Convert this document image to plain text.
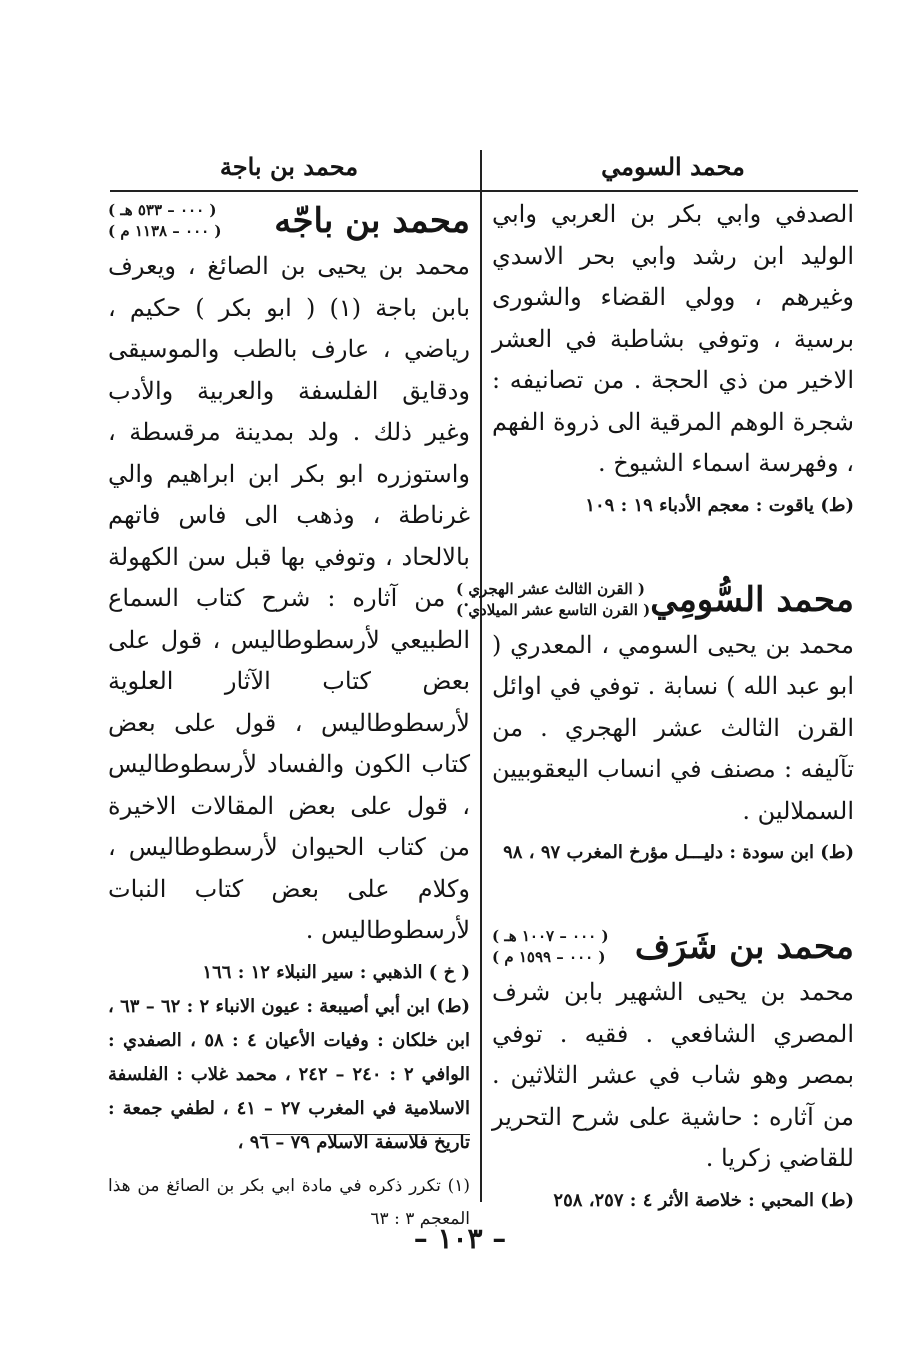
محمد السومي

الصدفي وابي بكر بن العربي وابي الوليد ابن رشد وابي بحر الاسدي وغيرهم ، وولي القضاء والشورى برسية ، وتوفي بشاطبة في العشر الاخير من ذي الحجة . من تصانيفه : شجرة الوهم المرقية الى ذروة الفهم ، وفهرسة اسماء الشيوخ .

(ط) ياقوت : معجم الأدباء ١٩ : ١٠٩

محمد السُّومِي
( القرن الثالث عشر الهجري )
( القرن التاسع عشر الميلادي )

محمد بن يحيى السومي ، المعدري ( ابو عبد الله ) نسابة . توفي في اوائل القرن الثالث عشر الهجري . من تآليفه : مصنف في انساب اليعقوبيين السملالين .

(ط) ابن سودة : دليـــل مؤرخ المغرب ٩٧ ، ٩٨

محمد بن شَرَف
( ٠٠٠ – ١٠٠٧ هـ )
( ٠٠٠ – ١٥٩٩ م )

محمد بن يحيى الشهير بابن شرف المصري الشافعي . فقيه . توفي بمصر وهو شاب في عشر الثلاثين . من آثاره : حاشية على شرح التحرير للقاضي زكريا .

(ط) المحبي : خلاصة الأثر ٤ : ٢٥٧، ٢٥٨

محمد بن باجة
محمد بن باجّه
( ٠٠٠ – ٥٣٣ هـ )
( ٠٠٠ – ١١٣٨ م )

محمد بن يحيى بن الصائغ ، ويعرف بابن باجة (١) ( ابو بكر ) حكيم ، رياضي ، عارف بالطب والموسيقى ودقايق الفلسفة والعربية والأدب وغير ذلك . ولد بمدينة مرقسطة ، واستوزره ابو بكر ابن ابراهيم والي غرناطة ، وذهب الى فاس فاتهم بالالحاد ، وتوفي بها قبل سن الكهولة . من آثاره : شرح كتاب السماع الطبيعي لأرسطوطاليس ، قول على بعض كتاب الآثار العلوية لأرسطوطاليس ، قول على بعض كتاب الكون والفساد لأرسطوطاليس ، قول على بعض المقالات الاخيرة من كتاب الحيوان لأرسطوطاليس ، وكلام على بعض كتاب النبات لأرسطوطاليس .

( خ ) الذهبي : سير النبلاء ١٢ : ١٦٦

(ط) ابن أبي أصيبعة : عيون الانباء ٢ : ٦٢ – ٦٣ ، ابن خلكان : وفيات الأعيان ٤ : ٥٨ ، الصفدي : الوافي ٢ : ٢٤٠ – ٢٤٢ ، محمد غلاب : الفلسفة الاسلامية في المغرب ٢٧ – ٤١ ، لطفي جمعة : تاريخ فلاسفة الاسلام ٧٩ – ٩٦ ،

(١) تكرر ذكره في مادة ابي بكر بن الصائغ من هذا المعجم ٣ : ٦٣

– ١٠٣ –
